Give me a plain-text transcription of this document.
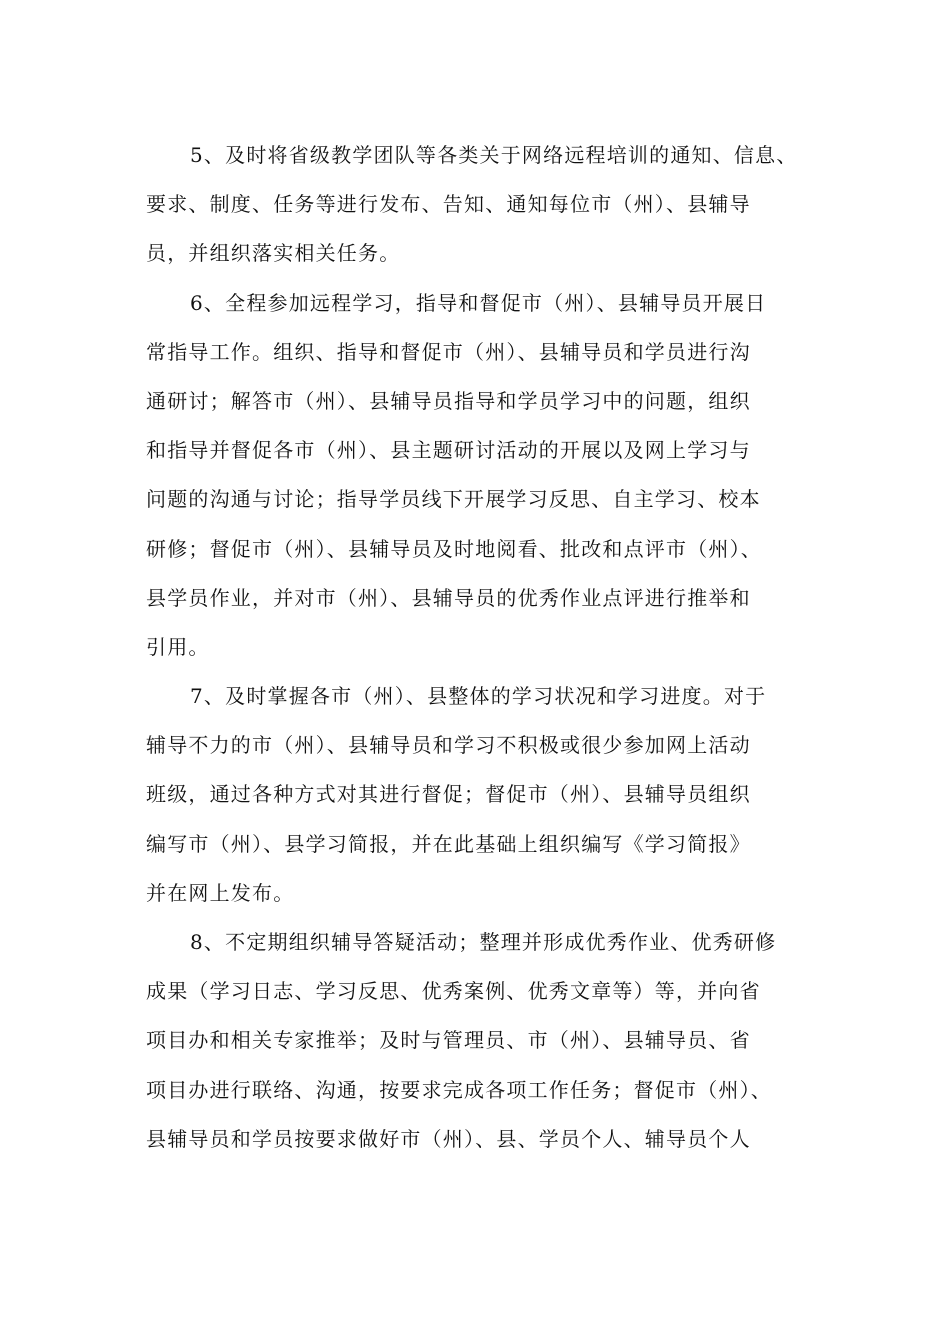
5、及时将省级教学团队等各类关于网络远程培训的通知、信息、
要求、制度、任务等进行发布、告知、通知每位市（州）、县辅导
员，并组织落实相关任务。
6、全程参加远程学习，指导和督促市（州）、县辅导员开展日
常指导工作。组织、指导和督促市（州）、县辅导员和学员进行沟
通研讨；解答市（州）、县辅导员指导和学员学习中的问题，组织
和指导并督促各市（州）、县主题研讨活动的开展以及网上学习与
问题的沟通与讨论；指导学员线下开展学习反思、自主学习、校本
研修；督促市（州）、县辅导员及时地阅看、批改和点评市（州）、
县学员作业，并对市（州）、县辅导员的优秀作业点评进行推举和
引用。
7、及时掌握各市（州）、县整体的学习状况和学习进度。对于
辅导不力的市（州）、县辅导员和学习不积极或很少参加网上活动
班级，通过各种方式对其进行督促；督促市（州）、县辅导员组织
编写市（州）、县学习简报，并在此基础上组织编写《学习简报》
并在网上发布。
8、不定期组织辅导答疑活动；整理并形成优秀作业、优秀研修
成果（学习日志、学习反思、优秀案例、优秀文章等）等，并向省
项目办和相关专家推举；及时与管理员、市（州）、县辅导员、省
项目办进行联络、沟通，按要求完成各项工作任务；督促市（州）、
县辅导员和学员按要求做好市（州）、县、学员个人、辅导员个人
